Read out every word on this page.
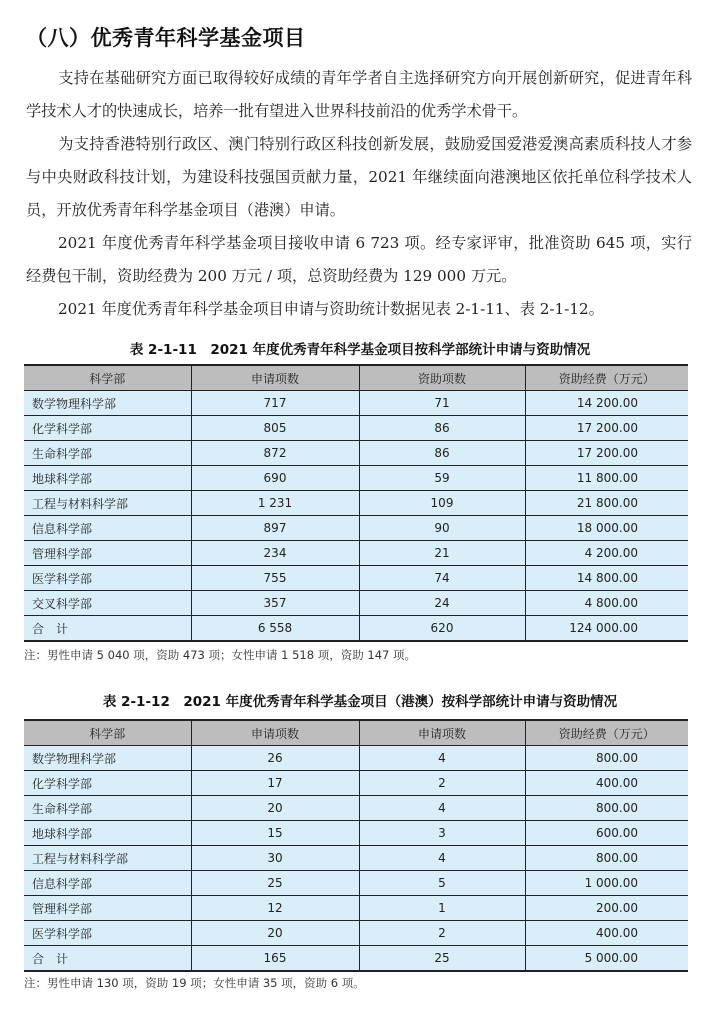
（八）优秀青年科学基金项目
支持在基础研究方面已取得较好成绩的青年学者自主选择研究方向开展创新研究，促进青年科学技术人才的快速成长，培养一批有望进入世界科技前沿的优秀学术骨干。
为支持香港特别行政区、澳门特别行政区科技创新发展，鼓励爱国爱港爱澳高素质科技人才参与中央财政科技计划，为建设科技强国贡献力量，2021 年继续面向港澳地区依托单位科学技术人员，开放优秀青年科学基金项目（港澳）申请。
2021 年度优秀青年科学基金项目接收申请 6 723 项。经专家评审，批准资助 645 项，实行经费包干制，资助经费为 200 万元 / 项，总资助经费为 129 000 万元。
2021 年度优秀青年科学基金项目申请与资助统计数据见表 2-1-11、表 2-1-12。
表 2-1-11　2021 年度优秀青年科学基金项目按科学部统计申请与资助情况
科学部	申请项数	资助项数	资助经费（万元）
数学物理科学部	717	71	14 200.00
化学科学部	805	86	17 200.00
生命科学部	872	86	17 200.00
地球科学部	690	59	11 800.00
工程与材料科学部	1 231	109	21 800.00
信息科学部	897	90	18 000.00
管理科学部	234	21	4 200.00
医学科学部	755	74	14 800.00
交叉科学部	357	24	4 800.00
合　计	6 558	620	124 000.00
注：男性申请 5 040 项，资助 473 项；女性申请 1 518 项，资助 147 项。
表 2-1-12　2021 年度优秀青年科学基金项目（港澳）按科学部统计申请与资助情况
科学部	申请项数	申请项数	资助经费（万元）
数学物理科学部	26	4	800.00
化学科学部	17	2	400.00
生命科学部	20	4	800.00
地球科学部	15	3	600.00
工程与材料科学部	30	4	800.00
信息科学部	25	5	1 000.00
管理科学部	12	1	200.00
医学科学部	20	2	400.00
合　计	165	25	5 000.00
注：男性申请 130 项，资助 19 项；女性申请 35 项，资助 6 项。
